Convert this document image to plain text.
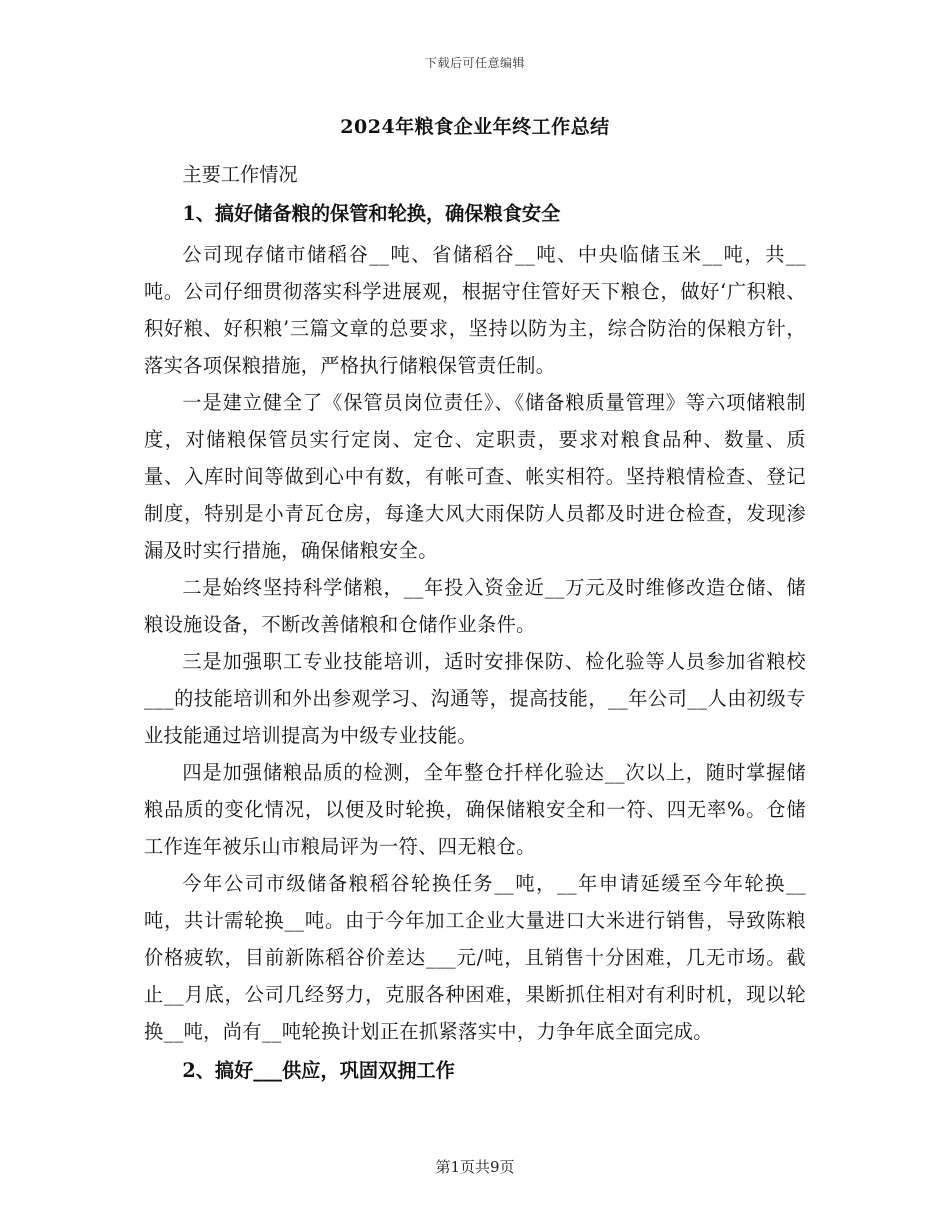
下载后可任意编辑
2024年粮食企业年终工作总结
主要工作情况
1、搞好储备粮的保管和轮换，确保粮食安全

公司现存储市储稻谷__吨、省储稻谷__吨、中央临储玉米__吨，共__吨。公司仔细贯彻落实科学进展观，根据守住管好天下粮仓，做好‘广积粮、积好粮、好积粮’三篇文章的总要求，坚持以防为主，综合防治的保粮方针，落实各项保粮措施，严格执行储粮保管责任制。

一是建立健全了《保管员岗位责任》、《储备粮质量管理》等六项储粮制度，对储粮保管员实行定岗、定仓、定职责，要求对粮食品种、数量、质量、入库时间等做到心中有数，有帐可查、帐实相符。坚持粮情检查、登记制度，特别是小青瓦仓房，每逢大风大雨保防人员都及时进仓检查，发现渗漏及时实行措施，确保储粮安全。

二是始终坚持科学储粮，__年投入资金近__万元及时维修改造仓储、储粮设施设备，不断改善储粮和仓储作业条件。

三是加强职工专业技能培训，适时安排保防、检化验等人员参加省粮校___的技能培训和外出参观学习、沟通等，提高技能，__年公司__人由初级专业技能通过培训提高为中级专业技能。

四是加强储粮品质的检测，全年整仓扦样化验达__次以上，随时掌握储粮品质的变化情况，以便及时轮换，确保储粮安全和一符、四无率%。仓储工作连年被乐山市粮局评为一符、四无粮仓。

今年公司市级储备粮稻谷轮换任务__吨，__年申请延缓至今年轮换__吨，共计需轮换__吨。由于今年加工企业大量进口大米进行销售，导致陈粮价格疲软，目前新陈稻谷价差达___元/吨，且销售十分困难，几无市场。截止__月底，公司几经努力，克服各种困难，果断抓住相对有利时机，现以轮换__吨，尚有__吨轮换计划正在抓紧落实中，力争年底全面完成。

2、搞好___供应，巩固双拥工作
第1页共9页
